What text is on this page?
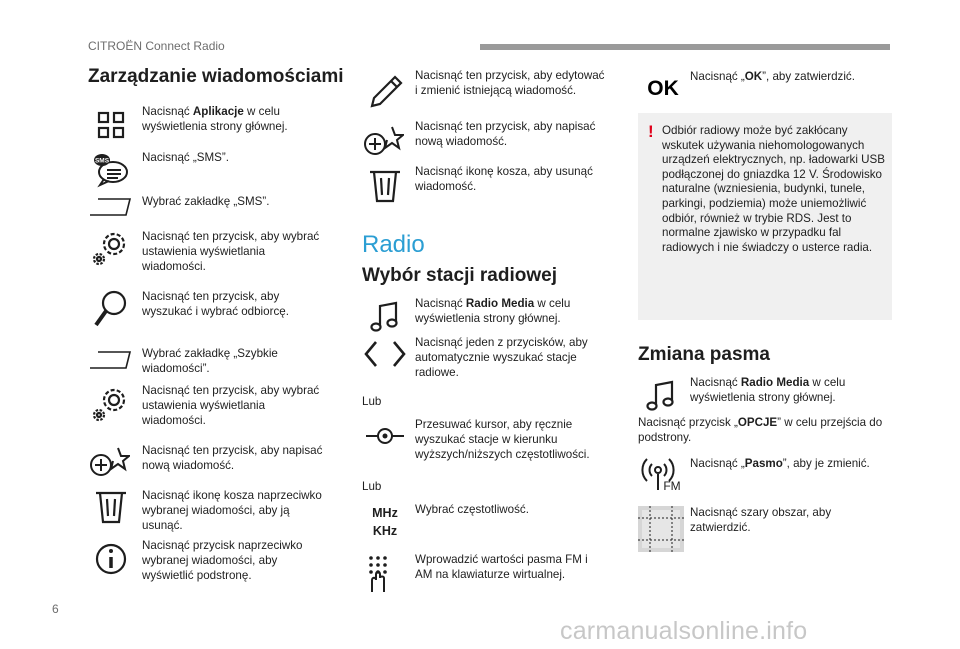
CITROËN Connect Radio
Zarządzanie wiadomościami
Nacisnąć Aplikacje w celu wyświetlenia strony głównej.
SMS	Nacisnąć „SMS”.
Wybrać zakładkę „SMS”.
Nacisnąć ten przycisk, aby wybrać ustawienia wyświetlania wiadomości.
Nacisnąć ten przycisk, aby wyszukać i wybrać odbiorcę.
Wybrać zakładkę „Szybkie wiadomości”.
Nacisnąć ten przycisk, aby wybrać ustawienia wyświetlania wiadomości.
Nacisnąć ten przycisk, aby napisać nową wiadomość.
Nacisnąć ikonę kosza naprzeciwko wybranej wiadomości, aby ją usunąć.
Nacisnąć przycisk naprzeciwko wybranej wiadomości, aby wyświetlić podstronę.
Nacisnąć ten przycisk, aby edytować i zmienić istniejącą wiadomość.
Nacisnąć ten przycisk, aby napisać nową wiadomość.
Nacisnąć ikonę kosza, aby usunąć wiadomość.
Radio
Wybór stacji radiowej
Nacisnąć Radio Media w celu wyświetlenia strony głównej.
Nacisnąć jeden z przycisków, aby automatycznie wyszukać stacje radiowe.
Lub
Przesuwać kursor, aby ręcznie wyszukać stacje w kierunku wyższych/niższych częstotliwości.
Lub
MHz
KHz
Wybrać częstotliwość.
Wprowadzić wartości pasma FM i AM na klawiaturze wirtualnej.
OK
Nacisnąć „OK”, aby zatwierdzić.
! Odbiór radiowy może być zakłócany wskutek używania niehomologowanych urządzeń elektrycznych, np. ładowarki USB podłączonej do gniazdka 12 V. Środowisko naturalne (wzniesienia, budynki, tunele, parkingi, podziemia) może uniemożliwić odbiór, również w trybie RDS. Jest to normalne zjawisko w przypadku fal radiowych i nie świadczy o usterce radia.
Zmiana pasma
Nacisnąć Radio Media w celu wyświetlenia strony głównej.
Nacisnąć przycisk „OPCJE” w celu przejścia do podstrony.
FM
Nacisnąć „Pasmo”, aby je zmienić.
Nacisnąć szary obszar, aby zatwierdzić.
6
carmanualsonline.info
